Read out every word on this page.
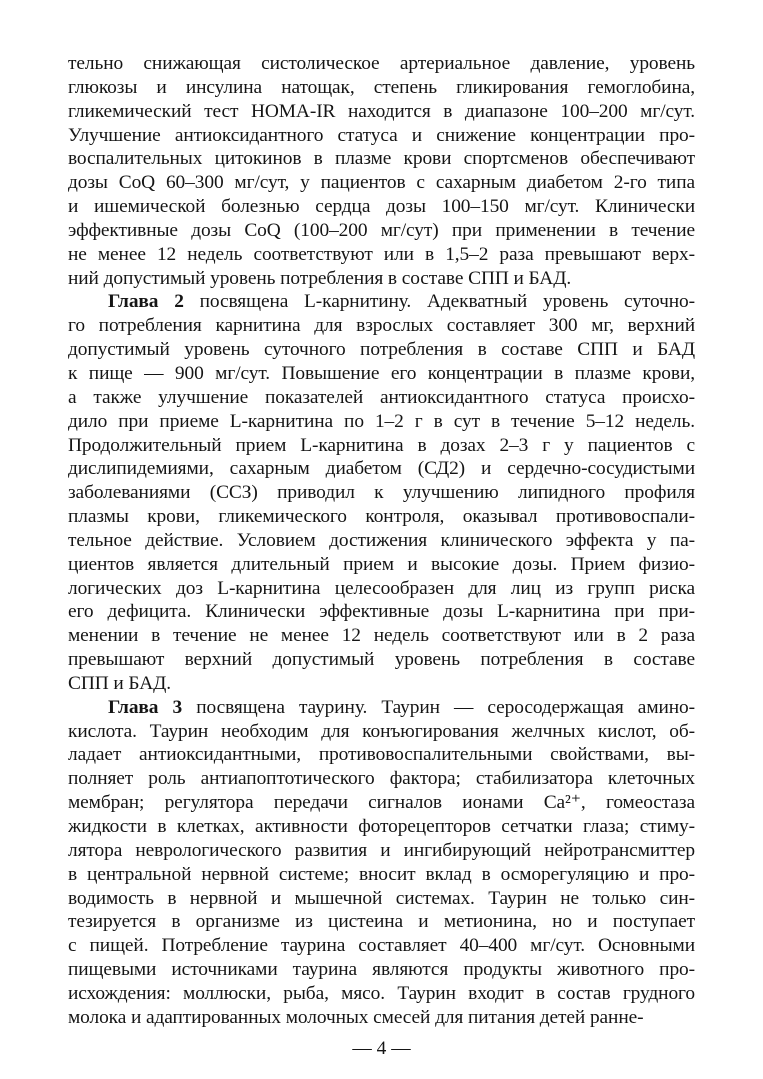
тельно снижающая систолическое артериальное давление, уровень
глюкозы и инсулина натощак, степень гликирования гемоглобина,
гликемический тест HOMA-IR находится в диапазоне 100–200 мг/сут.
Улучшение антиоксидантного статуса и снижение концентрации про-
воспалительных цитокинов в плазме крови спортсменов обеспечивают
дозы CoQ 60–300 мг/сут, у пациентов с сахарным диабетом 2-го типа
и ишемической болезнью сердца дозы 100–150 мг/сут. Клинически
эффективные дозы CoQ (100–200 мг/сут) при применении в течение
не менее 12 недель соответствуют или в 1,5–2 раза превышают верх-
ний допустимый уровень потребления в составе СПП и БАД.
Глава 2 посвящена L-карнитину. Адекватный уровень суточно-
го потребления карнитина для взрослых составляет 300 мг, верхний
допустимый уровень суточного потребления в составе СПП и БАД
к пище — 900 мг/сут. Повышение его концентрации в плазме крови,
а также улучшение показателей антиоксидантного статуса происхо-
дило при приеме L-карнитина по 1–2 г в сут в течение 5–12 недель.
Продолжительный прием L-карнитина в дозах 2–3 г у пациентов с
дислипидемиями, сахарным диабетом (СД2) и сердечно-сосудистыми
заболеваниями (ССЗ) приводил к улучшению липидного профиля
плазмы крови, гликемического контроля, оказывал противовоспали-
тельное действие. Условием достижения клинического эффекта у па-
циентов является длительный прием и высокие дозы. Прием физио-
логических доз L-карнитина целесообразен для лиц из групп риска
его дефицита. Клинически эффективные дозы L-карнитина при при-
менении в течение не менее 12 недель соответствуют или в 2 раза
превышают верхний допустимый уровень потребления в составе
СПП и БАД.
Глава 3 посвящена таурину. Таурин — серосодержащая амино-
кислота. Таурин необходим для конъюгирования желчных кислот, об-
ладает антиоксидантными, противовоспалительными свойствами, вы-
полняет роль антиапоптотического фактора; стабилизатора клеточных
мембран; регулятора передачи сигналов ионами Ca²⁺, гомеостаза
жидкости в клетках, активности фоторецепторов сетчатки глаза; стиму-
лятора неврологического развития и ингибирующий нейротрансмиттер
в центральной нервной системе; вносит вклад в осморегуляцию и про-
водимость в нервной и мышечной системах. Таурин не только син-
тезируется в организме из цистеина и метионина, но и поступает
с пищей. Потребление таурина составляет 40–400 мг/сут. Основными
пищевыми источниками таурина являются продукты животного про-
исхождения: моллюски, рыба, мясо. Таурин входит в состав грудного
молока и адаптированных молочных смесей для питания детей ранне-
— 4 —
